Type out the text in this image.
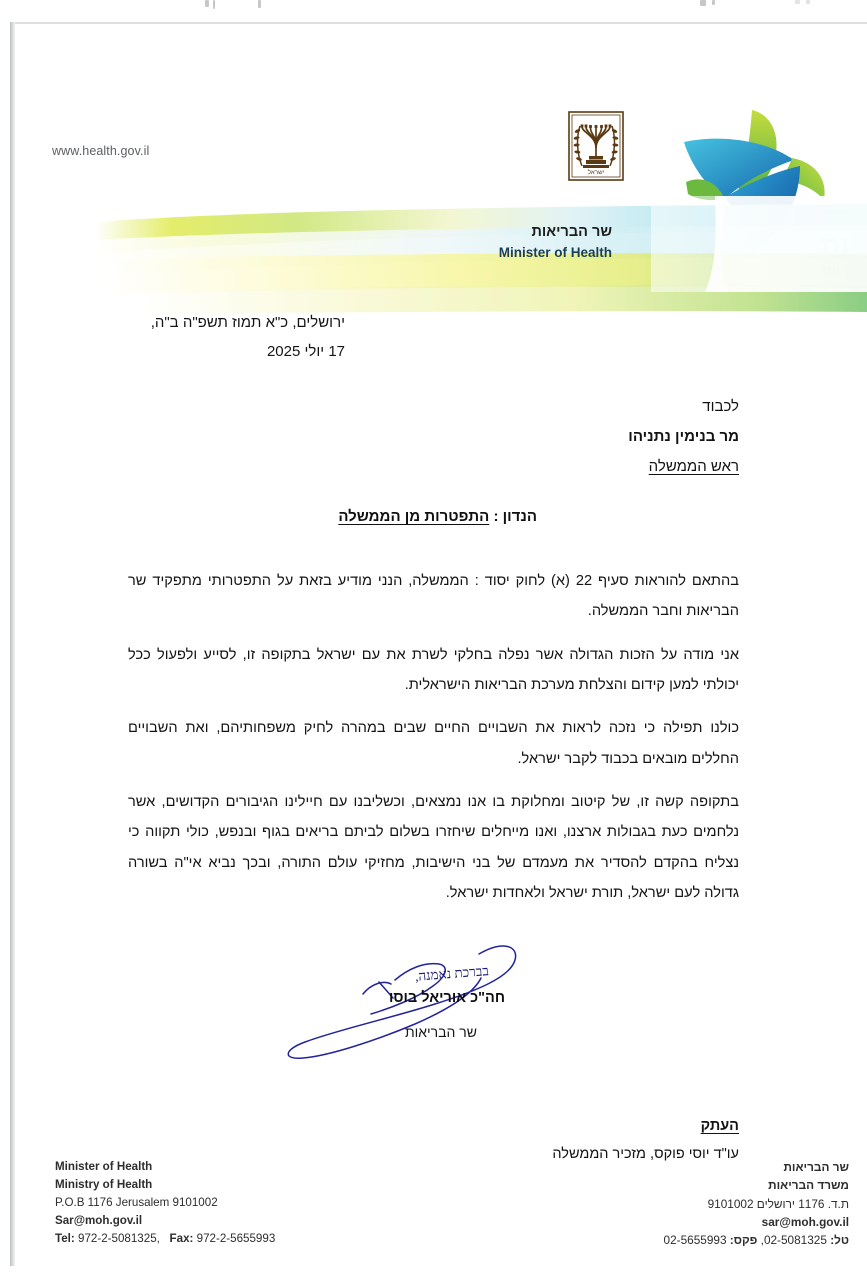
www.health.gov.il
ישראל
שר הבריאות
Minister of Health
ירושלים, כ"א תמוז תשפ"ה ב"ה,
17 יולי 2025
לכבוד
מר בנימין נתניהו
ראש הממשלה
הנדון : התפטרות מן הממשלה

בהתאם להוראות סעיף 22 (א) לחוק יסוד : הממשלה, הנני מודיע בזאת על התפטרותי מתפקיד שר הבריאות וחבר הממשלה.

אני מודה על הזכות הגדולה אשר נפלה בחלקי לשרת את עם ישראל בתקופה זו, לסייע ולפעול ככל יכולתי למען קידום והצלחת מערכת הבריאות הישראלית.

כולנו תפילה כי נזכה לראות את השבויים החיים שבים במהרה לחיק משפחותיהם, ואת השבויים החללים מובאים בכבוד לקבר ישראל.

בתקופה קשה זו, של קיטוב ומחלוקת בו אנו נמצאים, וכשליבנו עם חיילינו הגיבורים הקדושים, אשר נלחמים כעת בגבולות ארצנו, ואנו מייחלים שיחזרו בשלום לביתם בריאים בגוף ובנפש, כולי תקווה כי נצליח בהקדם להסדיר את מעמדם של בני הישיבות, מחזיקי עולם התורה, ובכך נביא אי"ה בשורה גדולה לעם ישראל, תורת ישראל ולאחדות ישראל.

בברכת נאמנה,
חה"כ אוריאל בוסו
שר הבריאות
העתק
עו"ד יוסי פוקס, מזכיר הממשלה
Minister of Health
Ministry of Health
P.O.B 1176 Jerusalem 9101002
Sar@moh.gov.il
Tel: 972-2-5081325, Fax: 972-2-5655993
שר הבריאות
משרד הבריאות
ת.ד. 1176 ירושלים 9101002
sar@moh.gov.il
טל: 02-5081325, פקס: 02-5655993
